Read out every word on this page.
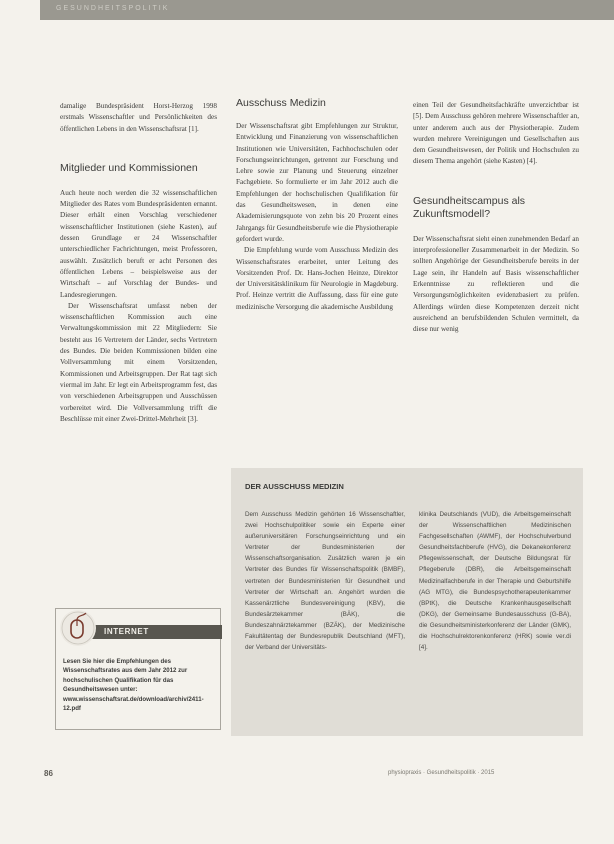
GESUNDHEITSPOLITIK

damalige Bundespräsident Horst-Herzog 1998 erstmals Wissenschaftler und Persönlichkeiten des öffentlichen Lebens in den Wissenschaftsrat [1].

Mitglieder und Kommissionen

Auch heute noch werden die 32 wissenschaftlichen Mitglieder des Rates vom Bundespräsidenten ernannt. Dieser erhält einen Vorschlag verschiedener wissenschaftlicher Institutionen (siehe Kasten), auf dessen Grundlage er 24 Wissenschaftler unterschiedlicher Fachrichtungen, meist Professoren, auswählt. Zusätzlich beruft er acht Personen des öffentlichen Lebens – beispielsweise aus der Wirtschaft – auf Vorschlag der Bundes- und Landesregierungen.

Der Wissenschaftsrat umfasst neben der wissenschaftlichen Kommission auch eine Verwaltungskommission mit 22 Mitgliedern: Sie besteht aus 16 Vertretern der Länder, sechs Vertretern des Bundes. Die beiden Kommissionen bilden eine Vollversammlung mit einem Vorsitzenden, Kommissionen und Arbeitsgruppen. Der Rat tagt sich viermal im Jahr. Er legt ein Arbeitsprogramm fest, das von verschiedenen Arbeitsgruppen und Ausschüssen vorbereitet wird. Die Vollversammlung trifft die Beschlüsse mit einer Zwei-Drittel-Mehrheit [3].

Ausschuss Medizin

Der Wissenschaftsrat gibt Empfehlungen zur Struktur, Entwicklung und Finanzierung von wissenschaftlichen Institutionen wie Universitäten, Fachhochschulen oder Forschungseinrichtungen, getrennt zur Forschung und Lehre sowie zur Planung und Steuerung einzelner Fachgebiete. So formulierte er im Jahr 2012 auch die Empfehlungen der hochschulischen Qualifikation für das Gesundheitswesen, in denen eine Akademisierungsquote von zehn bis 20 Prozent eines Jahrgangs für Gesundheitsberufe wie die Physiotherapie gefordert wurde.

Die Empfehlung wurde vom Ausschuss Medizin des Wissenschaftsrates erarbeitet, unter Leitung des Vorsitzenden Prof. Dr. Hans-Jochen Heinze, Direktor der Universitätsklinikum für Neurologie in Magdeburg. Prof. Heinze vertritt die Auffassung, dass für eine gute medizinische Versorgung die akademische Ausbildung

einen Teil der Gesundheitsfachkräfte unverzichtbar ist [5]. Dem Ausschuss gehören mehrere Wissenschaftler an, unter anderem auch aus der Physiotherapie. Zudem wurden mehrere Vereinigungen und Gesellschaften aus dem Gesundheitswesen, der Politik und Hochschulen zu diesem Thema angehört (siehe Kasten) [4].

Gesundheitscampus als Zukunftsmodell?

Der Wissenschaftsrat sieht einen zunehmenden Bedarf an interprofessioneller Zusammenarbeit in der Medizin. So sollten Angehörige der Gesundheitsberufe bereits in der Lage sein, ihr Handeln auf Basis wissenschaftlicher Erkenntnisse zu reflektieren und die Versorgungsmöglichkeiten evidenzbasiert zu prüfen. Allerdings würden diese Kompetenzen derzeit nicht ausreichend an berufsbildenden Schulen vermittelt, da diese nur wenig

DER AUSSCHUSS MEDIZIN
Dem Ausschuss Medizin gehörten 16 Wissenschaftler, zwei Hochschulpolitiker sowie ein Experte einer außeruniversitären Forschungseinrichtung und ein Vertreter der Bundesministerien der Wissenschaftsorganisation. Zusätzlich waren je ein Vertreter des Bundes für Wissenschaftspolitik (BMBF), vertreten der Bundesministerien für Gesundheit und Vertreter der Wirtschaft an. Angehört wurden die Kassenärztliche Bundesvereinigung (KBV), die Bundesärztekammer (BÄK), die Bundeszahnärztekammer (BZÄK), der Medizinische Fakultätentag der Bundesrepublik Deutschland (MFT), der Verband der Universitäts-
klinika Deutschlands (VUD), die Arbeitsgemeinschaft der Wissenschaftlichen Medizinischen Fachgesellschaften (AWMF), der Hochschulverbund Gesundheitsfachberufe (HVG), die Dekanekonferenz Pflegewissenschaft, der Deutsche Bildungsrat für Pflegeberufe (DBR), die Arbeitsgemeinschaft Medizinalfachberufe in der Therapie und Geburtshilfe (AG MTG), die Bundespsychotherapeutenkammer (BPtK), die Deutsche Krankenhausgesellschaft (DKG), der Gemeinsame Bundesausschuss (G-BA), die Gesundheitsministerkonferenz der Länder (GMK), die Hochschulrektorenkonferenz (HRK) sowie ver.di [4].
INTERNET
Lesen Sie hier die Empfehlungen des Wissenschaftsrates aus dem Jahr 2012 zur hochschulischen Qualifikation für das Gesundheitswesen unter: www.wissenschaftsrat.de/download/archiv/2411-12.pdf
86	physiopraxis · Gesundheitspolitik · 2015
